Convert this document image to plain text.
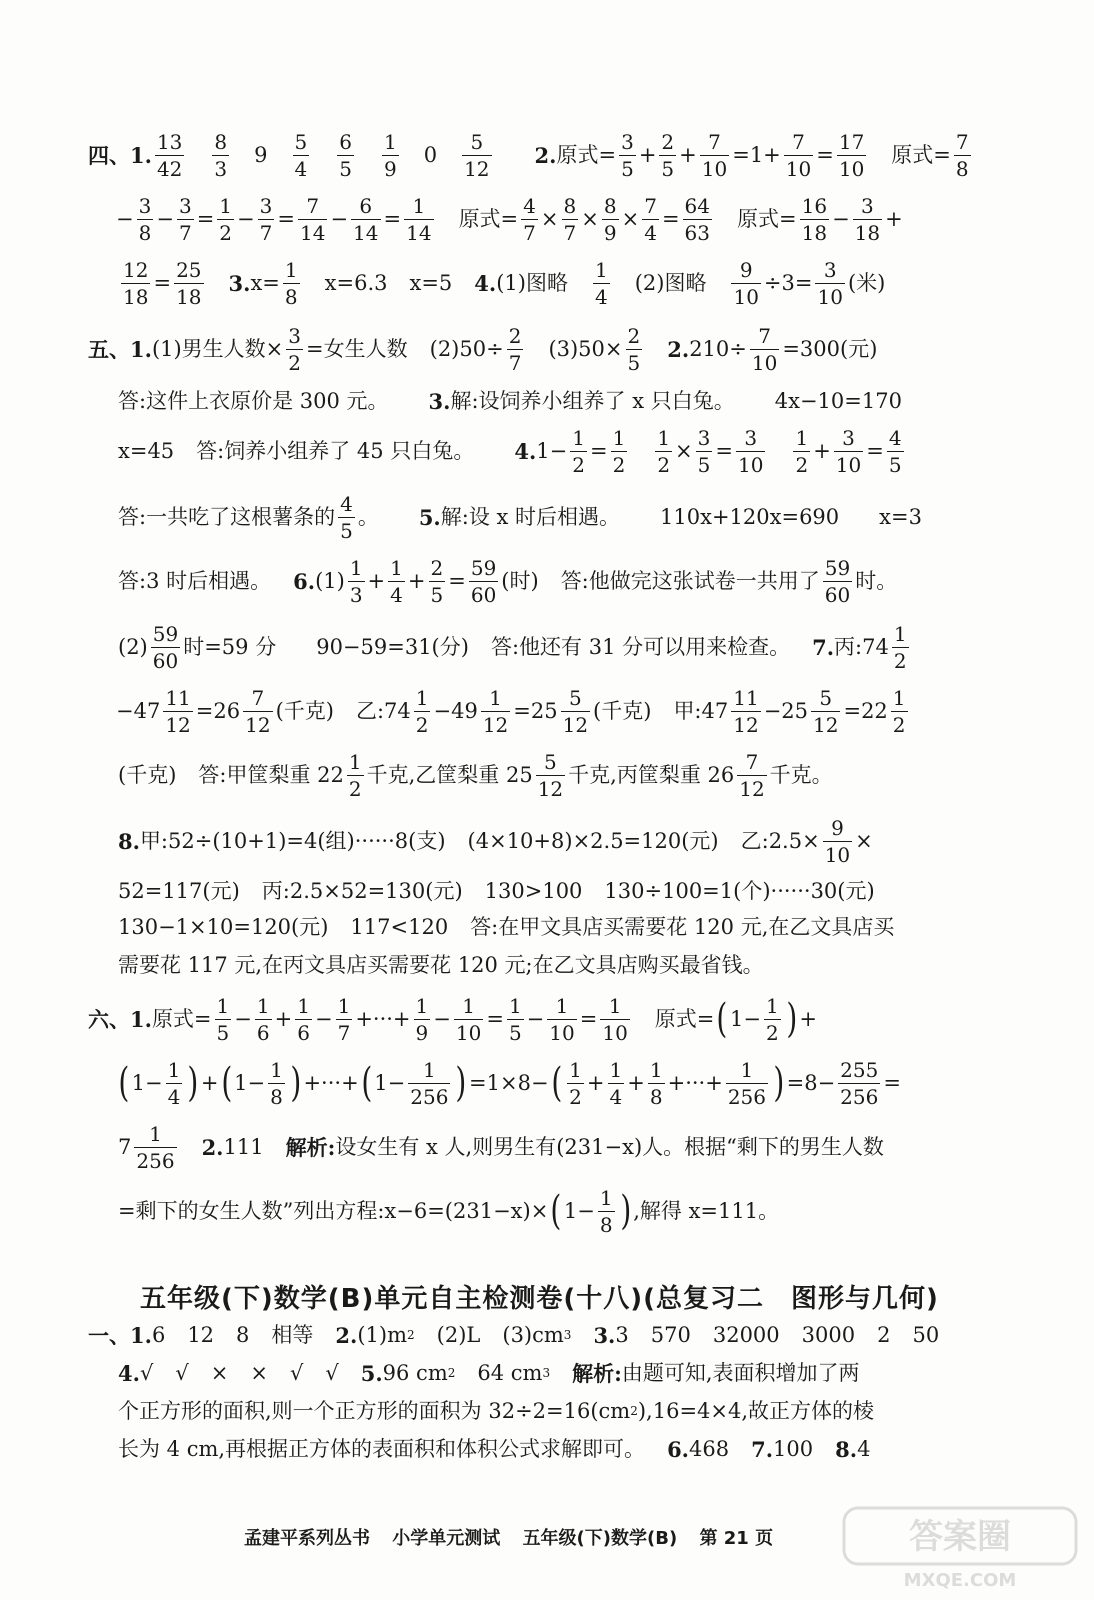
四、1. $\frac{13}{42} \frac{8}{3} 9 \frac{5}{4} \frac{6}{5} \frac{1}{9} 0 \frac{5}{12} 2$. 原式= $\frac{3}{5} + \frac{2}{5} + \frac{7}{10} =1+ \frac{7}{10} = \frac{17}{10}$ 原式= $\frac{7}{8}$
− $\frac{3}{8} - \frac{3}{7} = \frac{1}{2} - \frac{3}{7} = \frac{7}{14} - \frac{6}{14} = \frac{1}{14}$ 原式= $\frac{4}{7} \times \frac{8}{7} \times \frac{8}{9} \times \frac{7}{4} = \frac{64}{63}$ 原式= $\frac{16}{18} - \frac{3}{18}$ +
$\frac{12}{18} = \frac{25}{18} 3$. $x= \frac{1}{8} x=6.3$ x=5 4. (1)图略 $\frac{1}{4} (2)$图略 $\frac{9}{10} \div 3= \frac{3}{10}$ (米)
五、1. (1)男生人数× $\frac{3}{2}$ =女生人数 $(2)50\div \frac{2}{7} (3)50\times \frac{2}{5} 2$. $210\div \frac{7}{10} =300$(元)
答:这件上衣原价是 300 元。 3. 解:设饲养小组养了 x 只白兔。 4x−10=170
x=45 答:饲养小组养了 45 只白兔。 4. $1- \frac{1}{2} = \frac{1}{2} \frac{1}{2} \times \frac{3}{5} = \frac{3}{10} \frac{1}{2} + \frac{3}{10} = \frac{4}{5}$
答:一共吃了这根薯条的 $\frac{4}{5}$ 。 5. 解:设 x 时后相遇。 110x+120x=690 x=3
答:3 时后相遇。 6. $(1) \frac{1}{3} + \frac{1}{4} + \frac{2}{5} = \frac{59}{60}$ (时) 答:他做完这张试卷一共用了 $\frac{59}{60}$ 时。
$(2) \frac{59}{60}$ 时=59 分 90−59=31(分) 答:他还有 31 分可以用来检查。 7. 丙:74 $\frac{1}{2}$
$-47 \frac{11}{12} =26 \frac{7}{12}$ (千克) 乙:74 $\frac{1}{2} -49 \frac{1}{12} =25 \frac{5}{12}$ (千克) 甲:47 $\frac{11}{12} -25 \frac{5}{12} =22 \frac{1}{2}$
(千克) 答:甲筐梨重 $22 \frac{1}{2}$ 千克,乙筐梨重 $25 \frac{5}{12}$ 千克,丙筐梨重 $26 \frac{7}{12}$ 千克。
8. 甲:52÷(10+1)=4(组)······8(支) (4×10+8)×2.5=120(元) 乙:2.5× $\frac{9}{10}$ ×
52=117(元) 丙:2.5×52=130(元) 130>100 130÷100=1(个)······30(元)
130−1×10=120(元) 117<120 答:在甲文具店买需要花 120 元,在乙文具店买
需要花 117 元,在丙文具店买需要花 120 元;在乙文具店购买最省钱。
六、1. 原式= $\frac{1}{5} - \frac{1}{6} + \frac{1}{6} - \frac{1}{7}$ +···+ $\frac{1}{9} - \frac{1}{10} = \frac{1}{5} - \frac{1}{10} = \frac{1}{10}$ 原式= ( $1- \frac{1}{2}$ ) +
( $1- \frac{1}{4}$ ) + ( $1- \frac{1}{8}$ ) +···+ ( $1- \frac{1}{256}$ ) =1×8− ( $\frac{1}{2} + \frac{1}{4} + \frac{1}{8}$ +···+ $\frac{1}{256}$ ) $=8- \frac{255}{256}$ =
$7 \frac{1}{256} 2$. 111 解析: 设女生有 x 人,则男生有(231−x)人。根据“剩下的男生人数
=剩下的女生人数”列出方程:x−6=(231−x)× ( $1- \frac{1}{8}$ ) ,解得 x=111。
五年级(下)数学(B)单元自主检测卷(十八)(总复习二　图形与几何)
一、1. 6 12 8 相等 2. (1)m 2 (2)L (3)cm 3 3. 3 570 32000 3000 2 50
4. √ √ × × √ √ 5. 96 cm 2 64 cm 3 解析: 由题可知,表面积增加了两
个正方形的面积,则一个正方形的面积为 32÷2=16(cm 2 ),16=4×4,故正方体的棱
长为 4 cm,再根据正方体的表面积和体积公式求解即可。 6. 468 7. 100 8. 4
孟建平系列丛书 小学单元测试 五年级(下)数学(B) 第 21 页	答案圈
MXQE.COM
